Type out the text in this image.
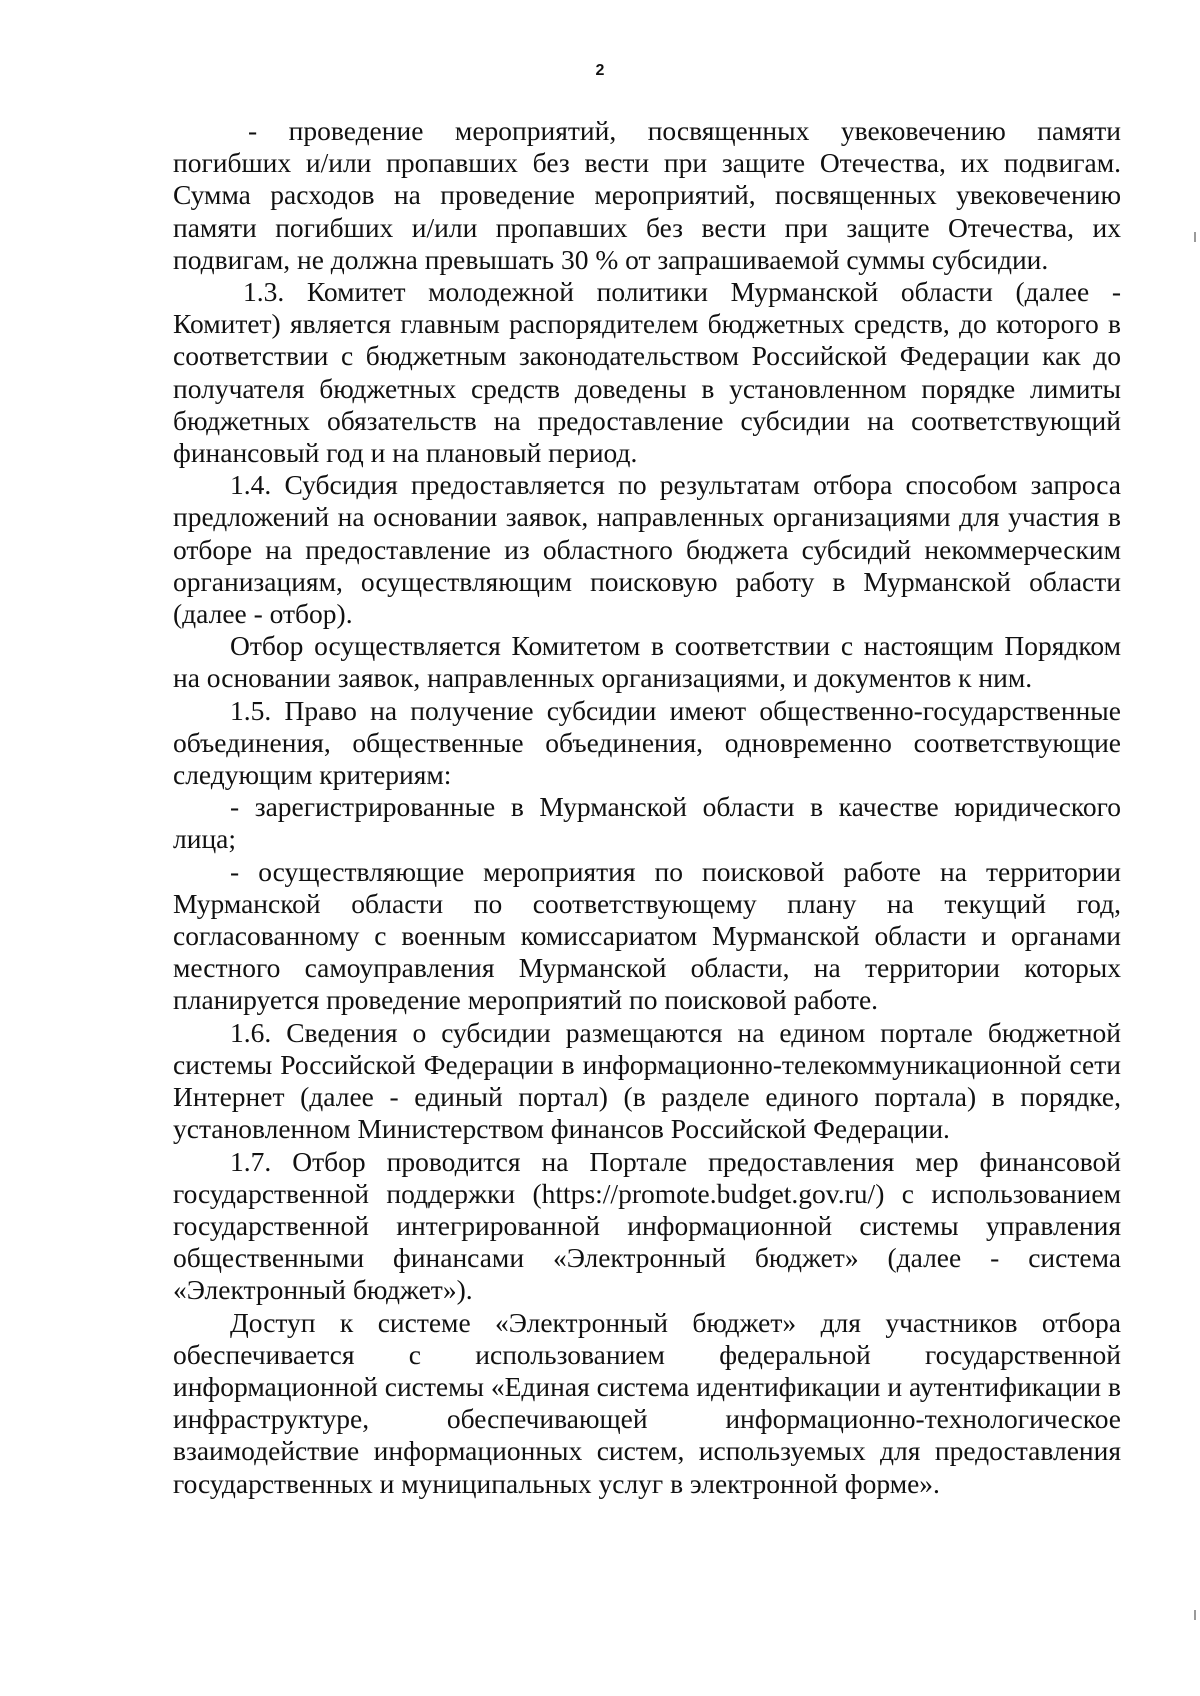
2

- проведение мероприятий, посвященных увековечению памяти погибших и/или пропавших без вести при защите Отечества, их подвигам. Сумма расходов на проведение мероприятий, посвященных увековечению памяти погибших и/или пропавших без вести при защите Отечества, их подвигам, не должна превышать 30 % от запрашиваемой суммы субсидии.

1.3. Комитет молодежной политики Мурманской области (далее - Комитет) является главным распорядителем бюджетных средств, до которого в соответствии с бюджетным законодательством Российской Федерации как до получателя бюджетных средств доведены в установленном порядке лимиты бюджетных обязательств на предоставление субсидии на соответствующий финансовый год и на плановый период.

1.4. Субсидия предоставляется по результатам отбора способом запроса предложений на основании заявок, направленных организациями для участия в отборе на предоставление из областного бюджета субсидий некоммерческим организациям, осуществляющим поисковую работу в Мурманской области (далее - отбор).

Отбор осуществляется Комитетом в соответствии с настоящим Порядком на основании заявок, направленных организациями, и документов к ним.

1.5. Право на получение субсидии имеют общественно-государственные объединения, общественные объединения, одновременно соответствующие следующим критериям:

- зарегистрированные в Мурманской области в качестве юридического лица;

- осуществляющие мероприятия по поисковой работе на территории Мурманской области по соответствующему плану на текущий год, согласованному с военным комиссариатом Мурманской области и органами местного самоуправления Мурманской области, на территории которых планируется проведение мероприятий по поисковой работе.

1.6. Сведения о субсидии размещаются на едином портале бюджетной системы Российской Федерации в информационно-телекоммуникационной сети Интернет (далее - единый портал) (в разделе единого портала) в порядке, установленном Министерством финансов Российской Федерации.

1.7. Отбор проводится на Портале предоставления мер финансовой государственной поддержки (https://promote.budget.gov.ru/) с использованием государственной интегрированной информационной системы управления общественными финансами «Электронный бюджет» (далее - система «Электронный бюджет»).

Доступ к системе «Электронный бюджет» для участников отбора обеспечивается с использованием федеральной государственной информационной системы «Единая система идентификации и аутентификации в инфраструктуре, обеспечивающей информационно-технологическое взаимодействие информационных систем, используемых для предоставления государственных и муниципальных услуг в электронной форме».
